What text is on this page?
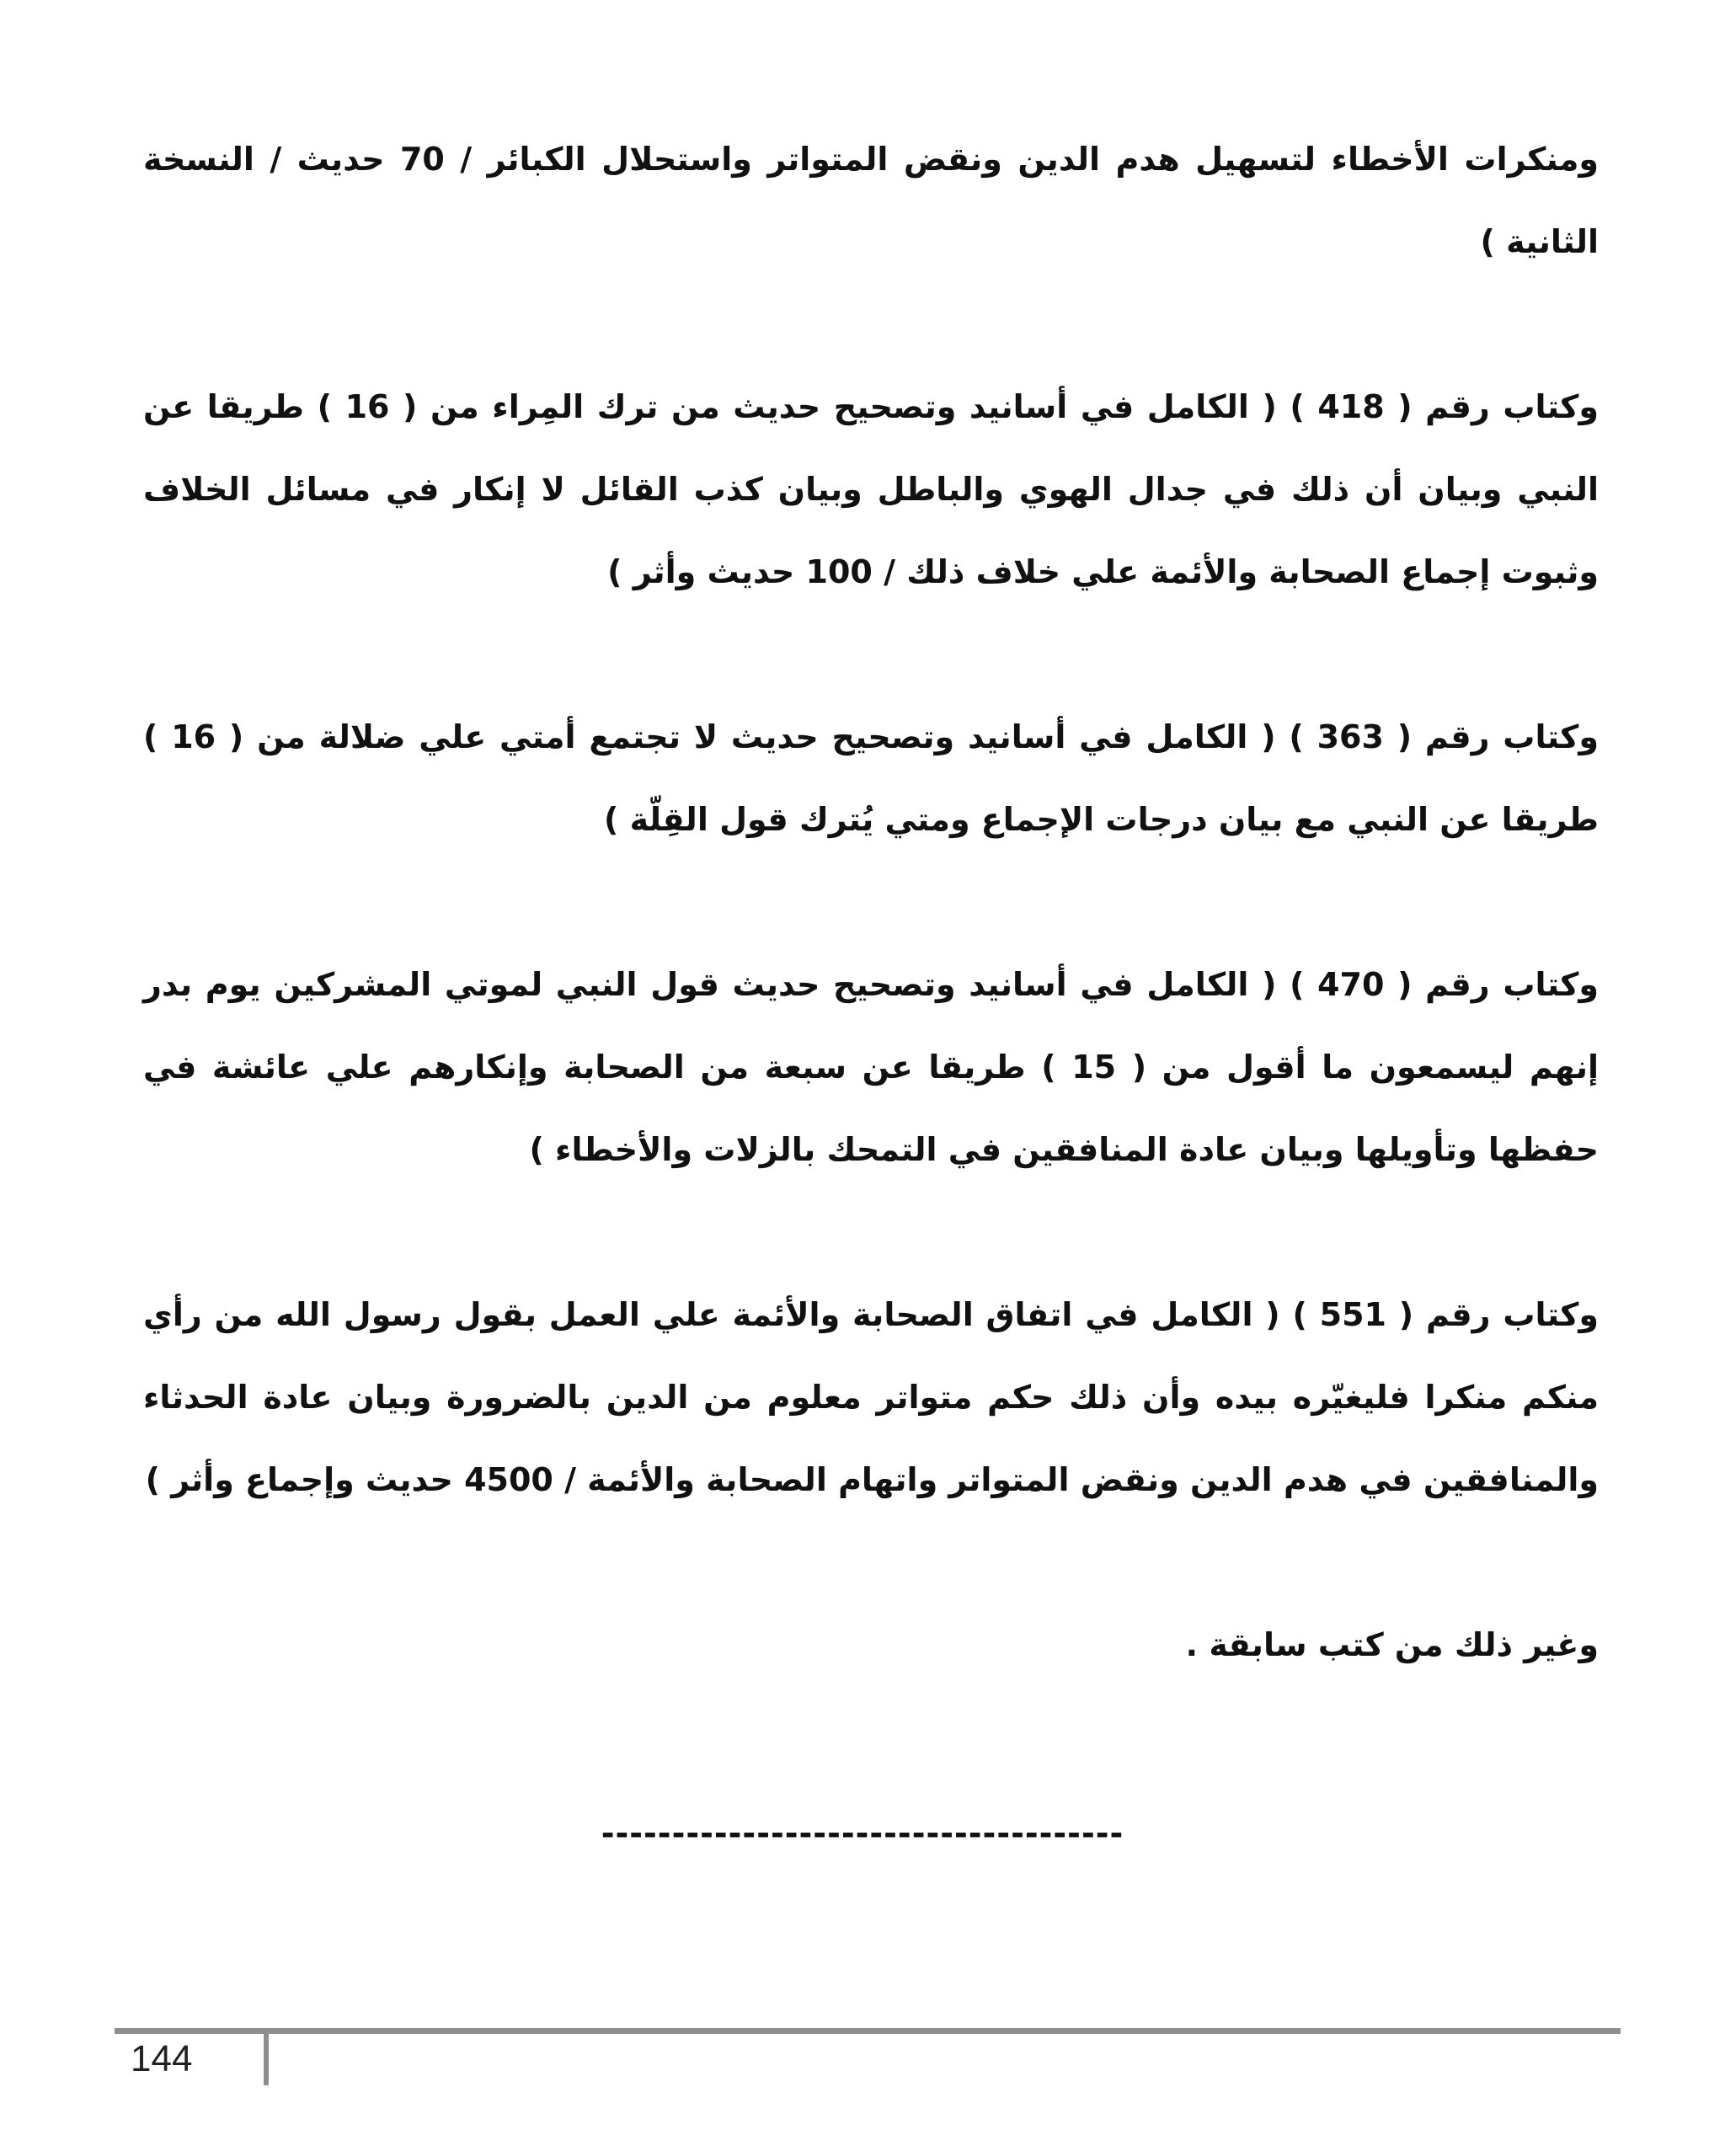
ومنكرات الأخطاء لتسهيل هدم الدين ونقض المتواتر واستحلال الكبائر / 70 حديث / النسخة الثانية )

وكتاب رقم ( 418 ) ( الكامل في أسانيد وتصحيح حديث من ترك المِراء من ( 16 ) طريقا عن النبي وبيان أن ذلك في جدال الهوي والباطل وبيان كذب القائل لا إنكار في مسائل الخلاف وثبوت إجماع الصحابة والأئمة علي خلاف ذلك / 100 حديث وأثر )

وكتاب رقم ( 363 ) ( الكامل في أسانيد وتصحيح حديث لا تجتمع أمتي علي ضلالة من ( 16 ) طريقا عن النبي مع بيان درجات الإجماع ومتي يُترك قول القِلّة )

وكتاب رقم ( 470 ) ( الكامل في أسانيد وتصحيح حديث قول النبي لموتي المشركين يوم بدر إنهم ليسمعون ما أقول من ( 15 ) طريقا عن سبعة من الصحابة وإنكارهم علي عائشة في حفظها وتأويلها وبيان عادة المنافقين في التمحك بالزلات والأخطاء )

وكتاب رقم ( 551 ) ( الكامل في اتفاق الصحابة والأئمة علي العمل بقول رسول الله من رأي منكم منكرا فليغيّره بيده وأن ذلك حكم متواتر معلوم من الدين بالضرورة وبيان عادة الحدثاء والمنافقين في هدم الدين ونقض المتواتر واتهام الصحابة والأئمة / 4500 حديث وإجماع وأثر )

وغير ذلك من كتب سابقة .

-------------------------------------
144
